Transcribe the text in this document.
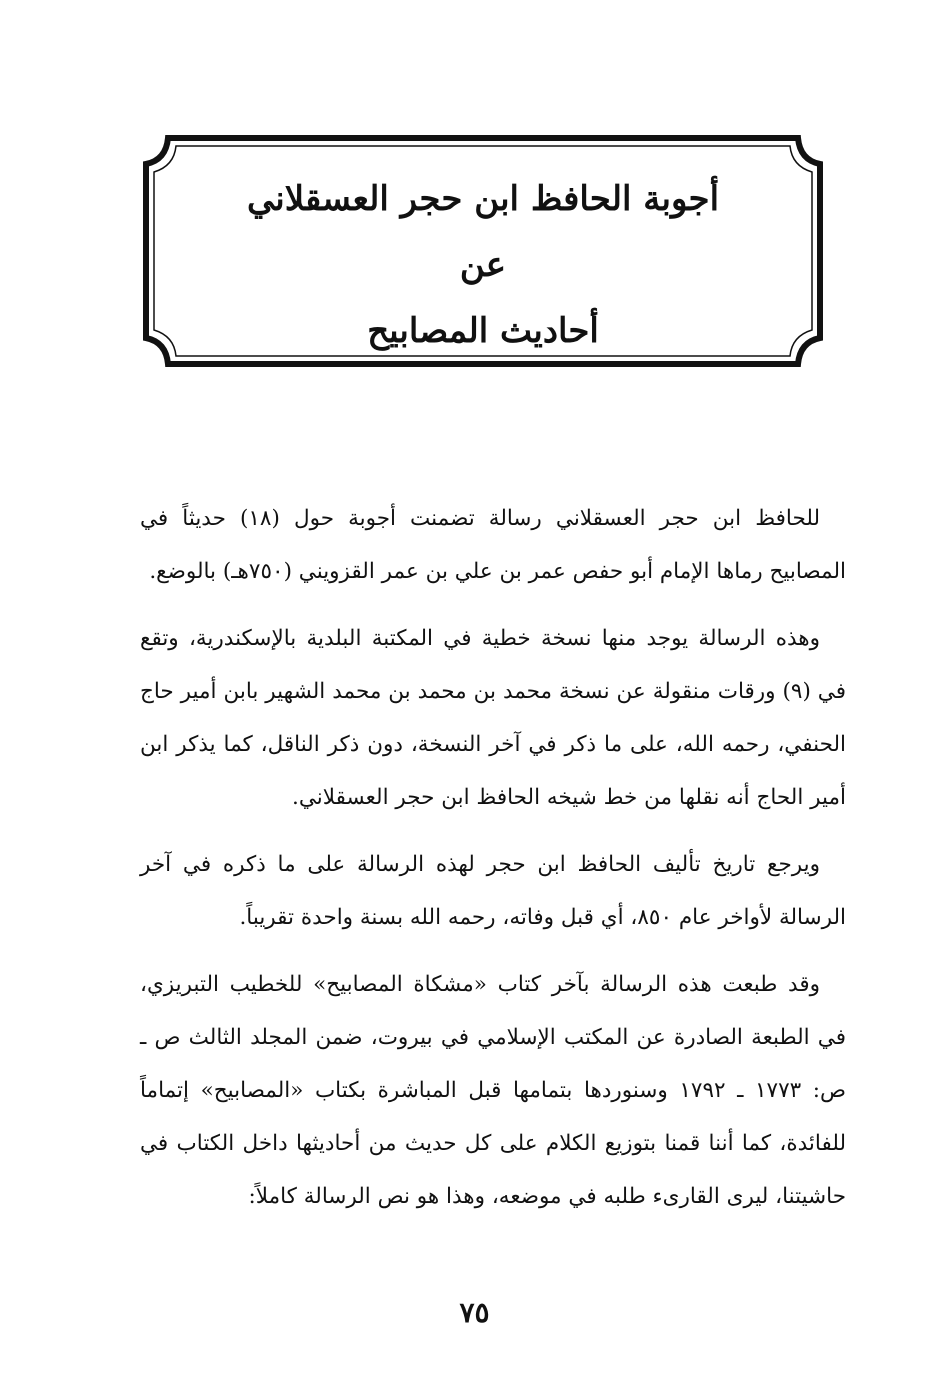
أجوبة الحافظ ابن حجر العسقلاني
عن
أحاديث المصابيح

للحافظ ابن حجر العسقلاني رسالة تضمنت أجوبة حول (١٨) حديثاً في المصابيح رماها الإمام أبو حفص عمر بن علي بن عمر القزويني (٧٥٠هـ) بالوضع.

وهذه الرسالة يوجد منها نسخة خطية في المكتبة البلدية بالإسكندرية، وتقع في (٩) ورقات منقولة عن نسخة محمد بن محمد بن محمد الشهير بابن أمير حاج الحنفي، رحمه الله، على ما ذكر في آخر النسخة، دون ذكر الناقل، كما يذكر ابن أمير الحاج أنه نقلها من خط شيخه الحافظ ابن حجر العسقلاني.

ويرجع تاريخ تأليف الحافظ ابن حجر لهذه الرسالة على ما ذكره في آخر الرسالة لأواخر عام ٨٥٠، أي قبل وفاته، رحمه الله بسنة واحدة تقريباً.

وقد طبعت هذه الرسالة بآخر كتاب «مشكاة المصابيح» للخطيب التبريزي، في الطبعة الصادرة عن المكتب الإسلامي في بيروت، ضمن المجلد الثالث ص ـ ص: ١٧٧٣ ـ ١٧٩٢ وسنوردها بتمامها قبل المباشرة بكتاب «المصابيح» إتماماً للفائدة، كما أننا قمنا بتوزيع الكلام على كل حديث من أحاديثها داخل الكتاب في حاشيتنا، ليرى القارىء طلبه في موضعه، وهذا هو نص الرسالة كاملاً:

٧٥
